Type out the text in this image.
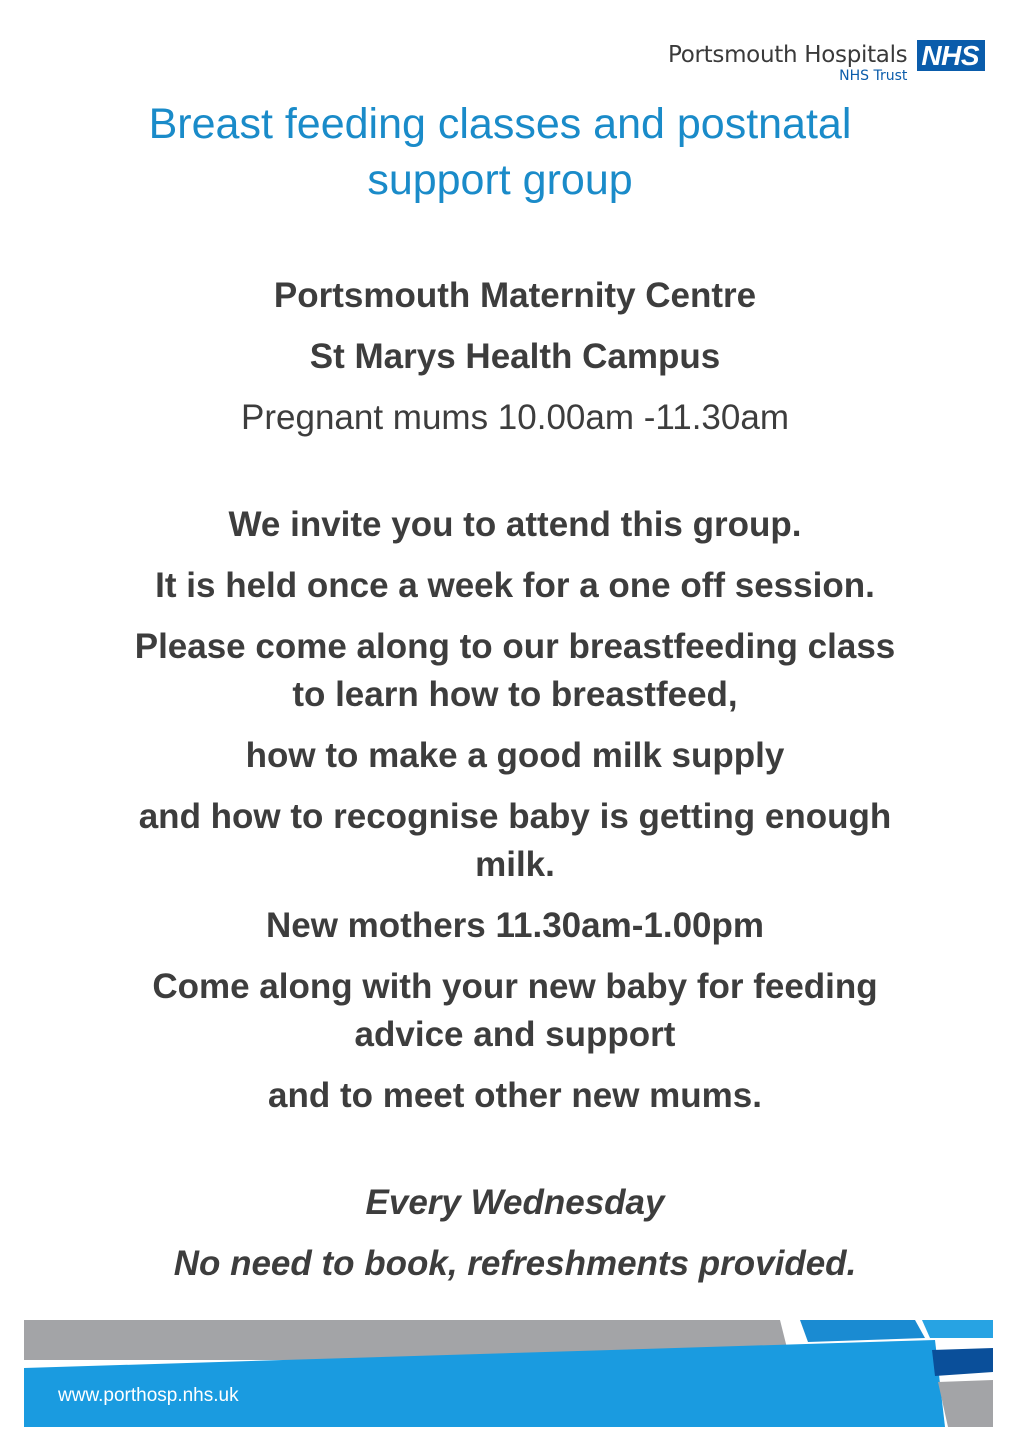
Portsmouth Hospitals
NHS Trust
NHS
Breast feeding classes and postnatal
support group

Portsmouth Maternity Centre

St Marys Health Campus

Pregnant mums 10.00am -11.30am

We invite you to attend this group.

It is held once a week for a one off session.

Please come along to our breastfeeding class

to learn how to breastfeed,

how to make a good milk supply

and how to recognise baby is getting enough

milk.

New mothers 11.30am-1.00pm

Come along with your new baby for feeding

advice and support

and to meet other new mums.

Every Wednesday

No need to book, refreshments provided.

www.porthosp.nhs.uk
